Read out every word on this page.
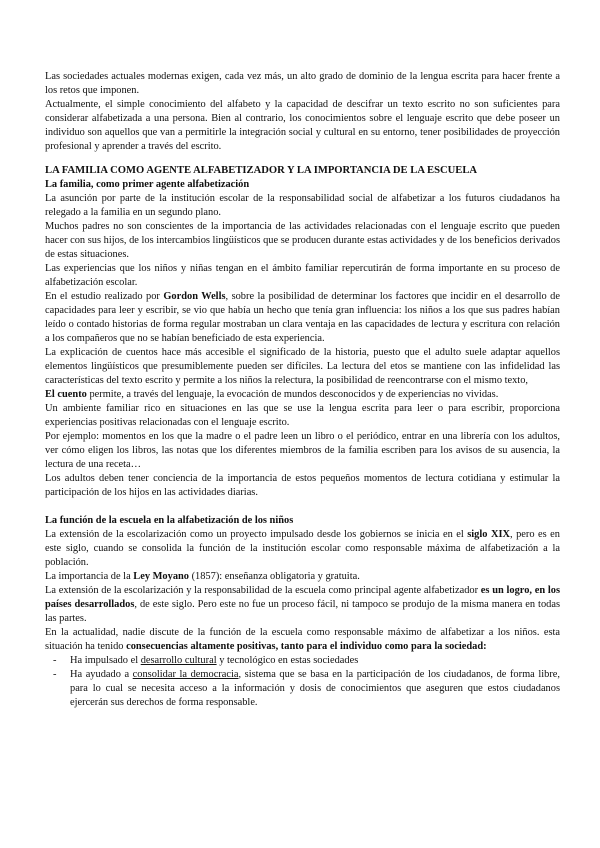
Las sociedades actuales modernas exigen, cada vez más, un alto grado de dominio de la lengua escrita para hacer frente a los retos que imponen.

Actualmente, el simple conocimiento del alfabeto y la capacidad de descifrar un texto escrito no son suficientes para considerar alfabetizada a una persona. Bien al contrario, los conocimientos sobre el lenguaje escrito que debe poseer un individuo son aquellos que van a permitirle la integración social y cultural en su entorno, tener posibilidades de proyección profesional y aprender a través del escrito.

LA FAMILIA COMO AGENTE ALFABETIZADOR Y LA IMPORTANCIA DE LA ESCUELA

La familia, como primer agente alfabetización

La asunción por parte de la institución escolar de la responsabilidad social de alfabetizar a los futuros ciudadanos ha relegado a la familia en un segundo plano.

Muchos padres no son conscientes de la importancia de las actividades relacionadas con el lenguaje escrito que pueden hacer con sus hijos, de los intercambios lingüísticos que se producen durante estas actividades y de los beneficios derivados de estas situaciones.

Las experiencias que los niños y niñas tengan en el ámbito familiar repercutirán de forma importante en su proceso de alfabetización escolar.

En el estudio realizado por Gordon Wells, sobre la posibilidad de determinar los factores que incidir en el desarrollo de capacidades para leer y escribir, se vio que había un hecho que tenía gran influencia: los niños a los que sus padres habían leído o contado historias de forma regular mostraban un clara ventaja en las capacidades de lectura y escritura con relación a los compañeros que no se habían beneficiado de esta experiencia.

La explicación de cuentos hace más accesible el significado de la historia, puesto que el adulto suele adaptar aquellos elementos lingüísticos que presumiblemente pueden ser difíciles. La lectura del etos se mantiene con las infidelidad las características del texto escrito y permite a los niños la relectura, la posibilidad de reencontrarse con el mismo texto,

El cuento permite, a través del lenguaje, la evocación de mundos desconocidos y de experiencias no vividas.

Un ambiente familiar rico en situaciones en las que se use la lengua escrita para leer o para escribir, proporciona experiencias positivas relacionadas con el lenguaje escrito.

Por ejemplo: momentos en los que la madre o el padre leen un libro o el periódico, entrar en una librería con los adultos, ver cómo eligen los libros, las notas que los diferentes miembros de la familia escriben para los avisos de su ausencia, la lectura de una receta…

Los adultos deben tener conciencia de la importancia de estos pequeños momentos de lectura cotidiana y estimular la participación de los hijos en las actividades diarias.

La función de la escuela en la alfabetización de los niños

La extensión de la escolarización como un proyecto impulsado desde los gobiernos se inicia en el siglo XIX, pero es en este siglo, cuando se consolida la función de la institución escolar como responsable máxima de alfabetización a la población.

La importancia de la Ley Moyano (1857): enseñanza obligatoria y gratuita.

La extensión de la escolarización y la responsabilidad de la escuela como principal agente alfabetizador es un logro, en los países desarrollados, de este siglo. Pero este no fue un proceso fácil, ni tampoco se produjo de la misma manera en todas las partes.

En la actualidad, nadie discute de la función de la escuela como responsable máximo de alfabetizar a los niños. esta situación ha tenido consecuencias altamente positivas, tanto para el individuo como para la sociedad:

- Ha impulsado el desarrollo cultural y tecnológico en estas sociedades
- Ha ayudado a consolidar la democracia, sistema que se basa en la participación de los ciudadanos, de forma libre, para lo cual se necesita acceso a la información y dosis de conocimientos que aseguren que estos ciudadanos ejercerán sus derechos de forma responsable.
